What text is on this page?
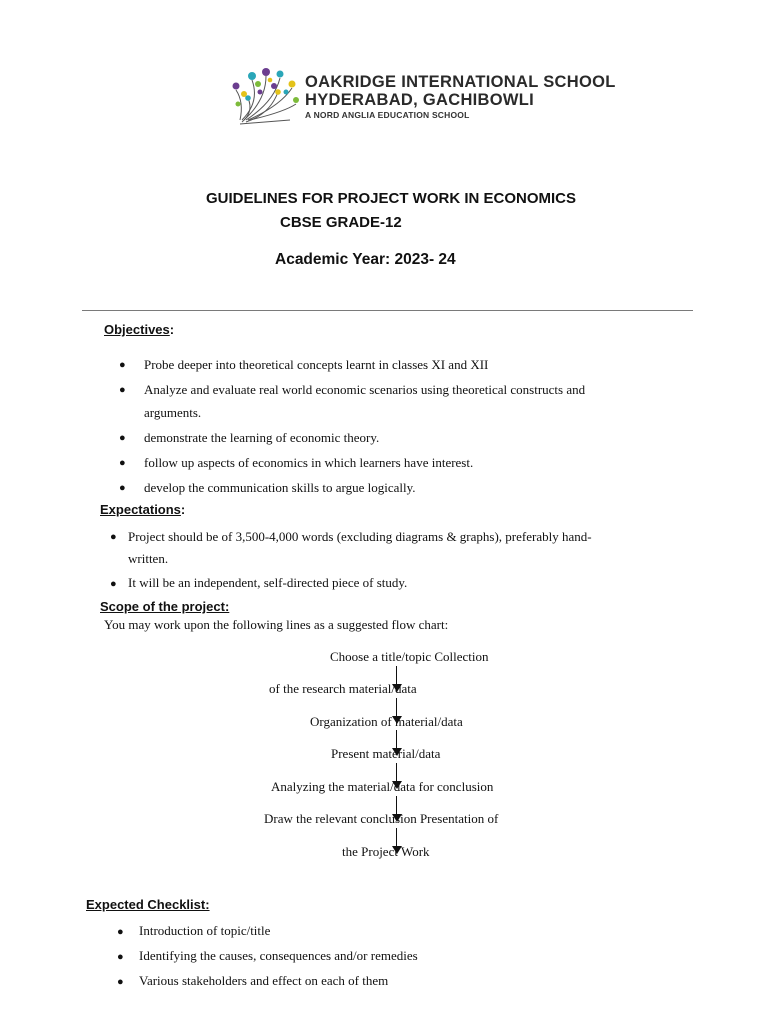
OAKRIDGE INTERNATIONAL SCHOOL
HYDERABAD, GACHIBOWLI
A NORD ANGLIA EDUCATION SCHOOL
GUIDELINES FOR PROJECT WORK IN ECONOMICS
CBSE GRADE-12
Academic Year: 2023- 24
Objectives:
● Probe deeper into theoretical concepts learnt in classes XI and XII
● Analyze and evaluate real world economic scenarios using theoretical constructs and
arguments.
● demonstrate the learning of economic theory.
● follow up aspects of economics in which learners have interest.
● develop the communication skills to argue logically.
Expectations:
● Project should be of 3,500-4,000 words (excluding diagrams & graphs), preferably hand-
written.
● It will be an independent, self-directed piece of study.
Scope of the project:
You may work upon the following lines as a suggested flow chart:
Choose a title/topic Collection
of the research material/data
Organization of material/data
Present material/data
Analyzing the material/data for conclusion
Draw the relevant conclusion Presentation of
the Project Work
Expected Checklist:
● Introduction of topic/title
● Identifying the causes, consequences and/or remedies
● Various stakeholders and effect on each of them
